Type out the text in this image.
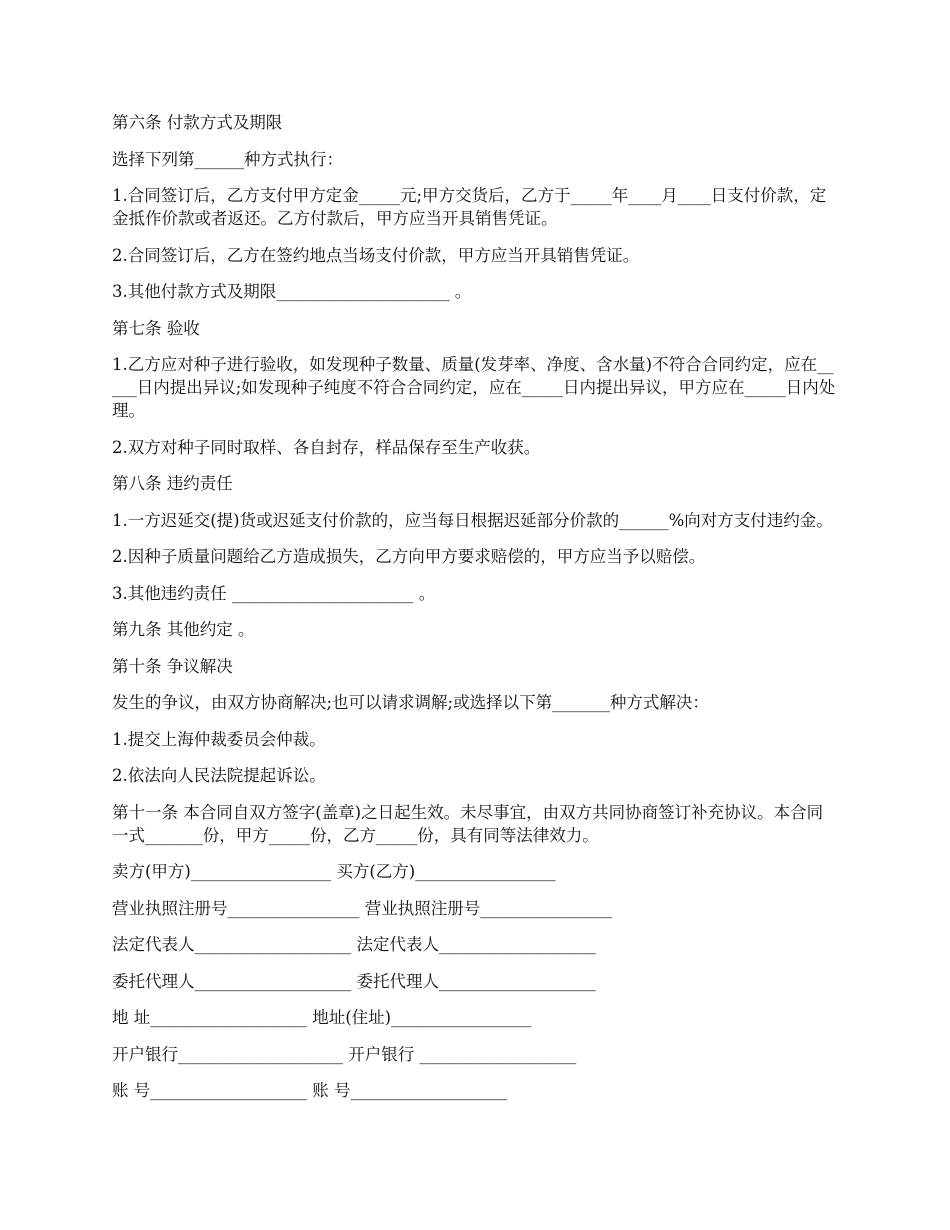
第六条 付款方式及期限

选择下列第______种方式执行：

1.合同签订后，乙方支付甲方定金_____元;甲方交货后，乙方于_____年____月____日支付价款，定金抵作价款或者返还。乙方付款后，甲方应当开具销售凭证。

2.合同签订后，乙方在签约地点当场支付价款，甲方应当开具销售凭证。

3.其他付款方式及期限_____________________ 。

第七条 验收

1.乙方应对种子进行验收，如发现种子数量、质量(发芽率、净度、含水量)不符合合同约定，应在_____日内提出异议;如发现种子纯度不符合合同约定，应在_____日内提出异议，甲方应在_____日内处理。

2.双方对种子同时取样、各自封存，样品保存至生产收获。

第八条 违约责任

1.一方迟延交(提)货或迟延支付价款的，应当每日根据迟延部分价款的______%向对方支付违约金。

2.因种子质量问题给乙方造成损失，乙方向甲方要求赔偿的，甲方应当予以赔偿。

3.其他违约责任 ______________________ 。

第九条 其他约定 。

第十条 争议解决

发生的争议，由双方协商解决;也可以请求调解;或选择以下第_______种方式解决：

1.提交上海仲裁委员会仲裁。

2.依法向人民法院提起诉讼。

第十一条 本合同自双方签字(盖章)之日起生效。未尽事宜，由双方共同协商签订补充协议。本合同一式_______份，甲方_____份，乙方_____份，具有同等法律效力。

卖方(甲方)_________________ 买方(乙方)_________________

营业执照注册号________________ 营业执照注册号________________

法定代表人___________________ 法定代表人___________________

委托代理人___________________ 委托代理人___________________

地 址___________________ 地址(住址)_________________

开户银行____________________ 开户银行 ___________________

账 号___________________ 账 号___________________
